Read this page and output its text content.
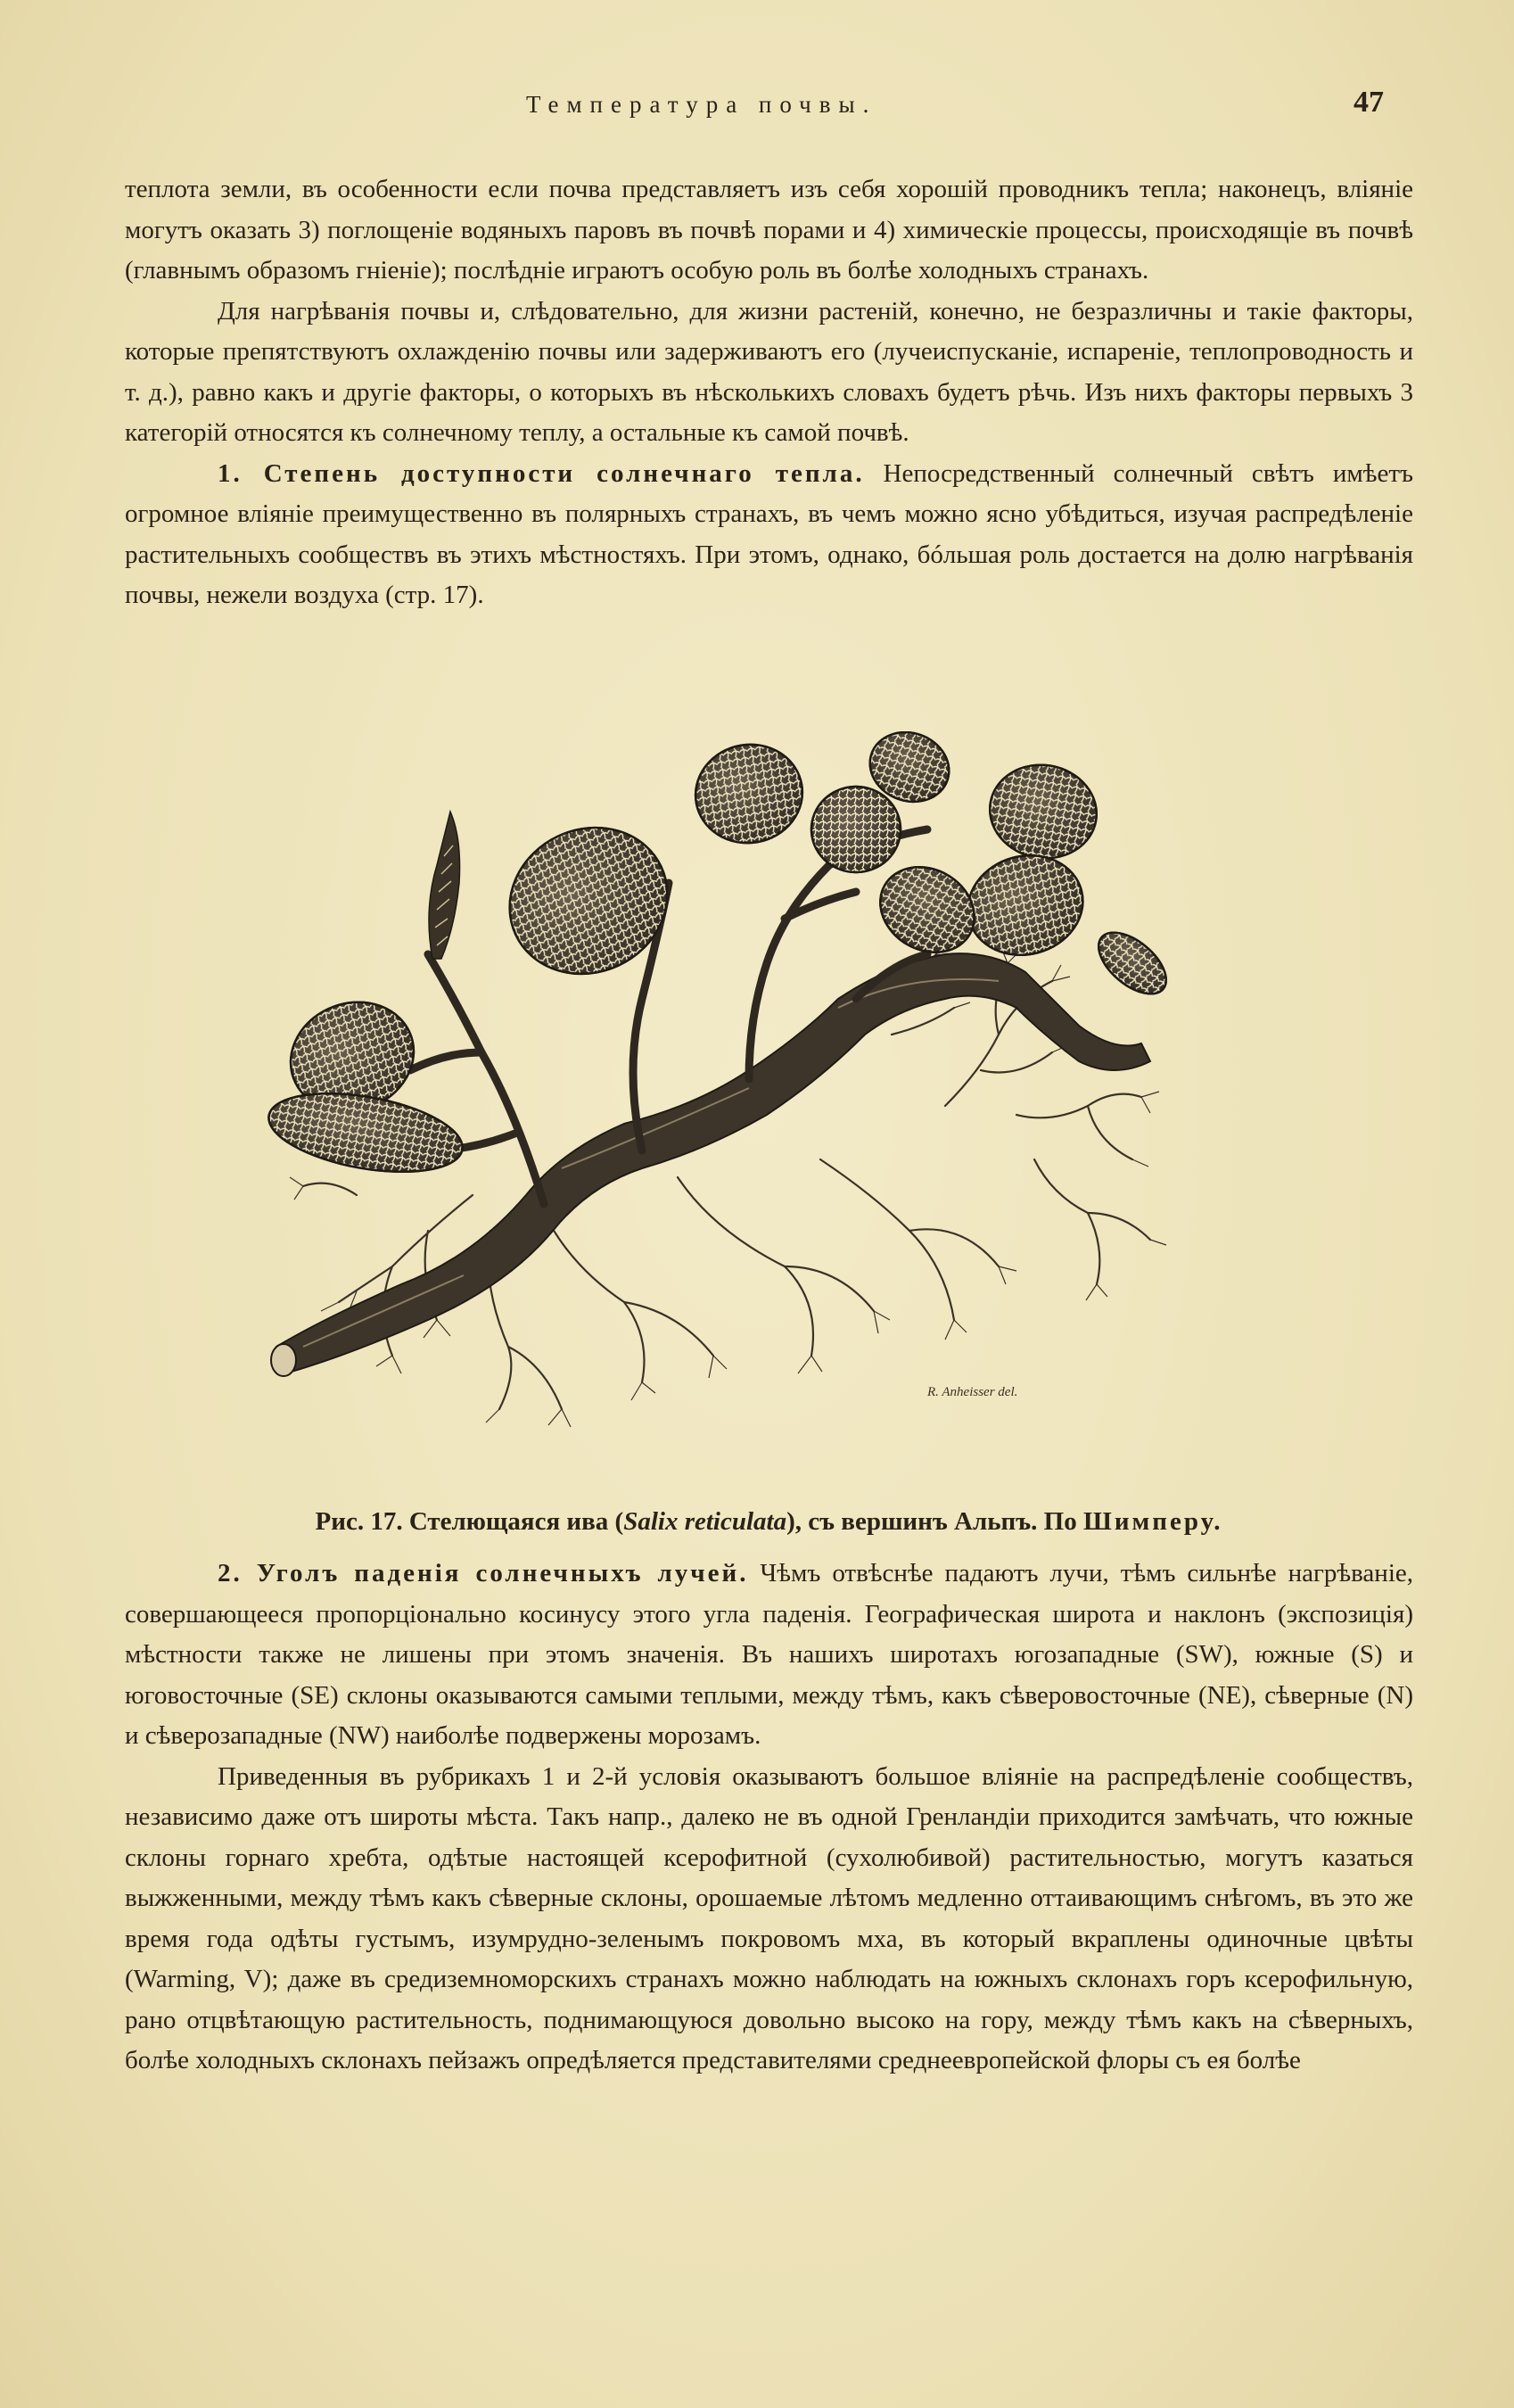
Температура почвы.	47

теплота земли, въ особенности если почва представляетъ изъ себя хорошій проводникъ тепла; наконецъ, вліяніе могутъ оказать 3) поглощеніе водяныхъ паровъ въ почвѣ порами и 4) химическіе процессы, происходящіе въ почвѣ (главнымъ образомъ гніеніе); послѣдніе играютъ особую роль въ болѣе холодныхъ странахъ.

Для нагрѣванія почвы и, слѣдовательно, для жизни растеній, конечно, не безразличны и такіе факторы, которые препятствуютъ охлажденію почвы или задерживаютъ его (лучеиспусканіе, испареніе, теплопроводность и т. д.), равно какъ и другіе факторы, о которыхъ въ нѣсколькихъ словахъ будетъ рѣчь. Изъ нихъ факторы первыхъ 3 категорій относятся къ солнечному теплу, а остальные къ самой почвѣ.

1. Степень доступности солнечнаго тепла. Непосредственный солнечный свѣтъ имѣетъ огромное вліяніе преимущественно въ полярныхъ странахъ, въ чемъ можно ясно убѣдиться, изучая распредѣленіе растительныхъ сообществъ въ этихъ мѣстностяхъ. При этомъ, однако, бóльшая роль достается на долю нагрѣванія почвы, нежели воздуха (стр. 17).

R. Anheisser del.
Рис. 17. Стелющаяся ива (Salix reticulata), съ вершинъ Альпъ. По Шимперу.

2. Уголъ паденія солнечныхъ лучей. Чѣмъ отвѣснѣе падаютъ лучи, тѣмъ сильнѣе нагрѣваніе, совершающееся пропорціонально косинусу этого угла паденія. Географическая широта и наклонъ (экспозиція) мѣстности также не лишены при этомъ значенія. Въ нашихъ широтахъ югозападные (SW), южные (S) и юговосточные (SE) склоны оказываются самыми теплыми, между тѣмъ, какъ сѣверовосточные (NE), сѣверные (N) и сѣверозападные (NW) наиболѣе подвержены морозамъ.

Приведенныя въ рубрикахъ 1 и 2-й условія оказываютъ большое вліяніе на распредѣленіе сообществъ, независимо даже отъ широты мѣста. Такъ напр., далеко не въ одной Гренландіи приходится замѣчать, что южные склоны горнаго хребта, одѣтые настоящей ксерофитной (сухолюбивой) растительностью, могутъ казаться выжженными, между тѣмъ какъ сѣверные склоны, орошаемые лѣтомъ медленно оттаивающимъ снѣгомъ, въ это же время года одѣты густымъ, изумрудно-зеленымъ покровомъ мха, въ который вкраплены одиночные цвѣты (Warming, V); даже въ средиземноморскихъ странахъ можно наблюдать на южныхъ склонахъ горъ ксерофильную, рано отцвѣтающую растительность, поднимающуюся довольно высоко на гору, между тѣмъ какъ на сѣверныхъ, болѣе холодныхъ склонахъ пейзажъ опредѣляется представителями среднеевропейской флоры съ ея болѣе
